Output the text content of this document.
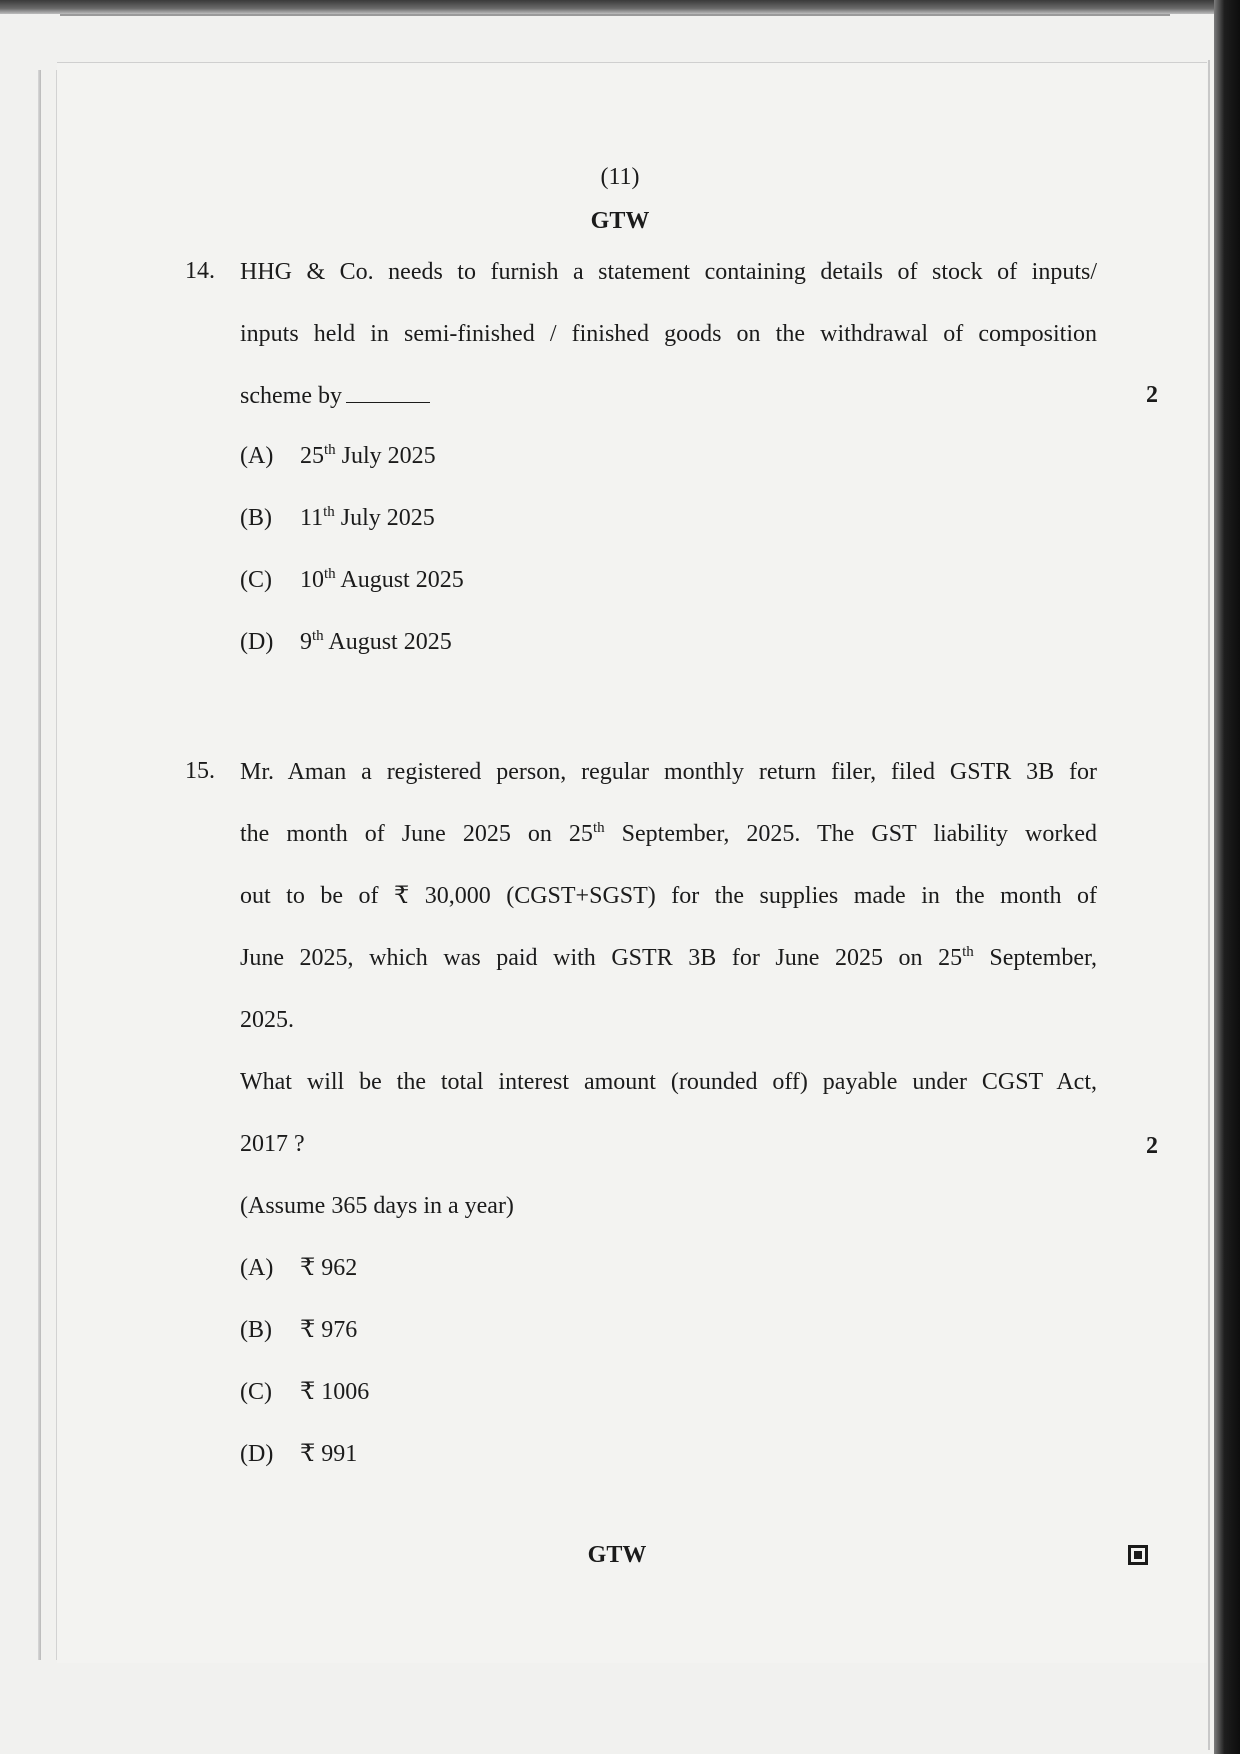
(11)
GTW
14. HHG & Co. needs to furnish a statement containing details of stock of inputs/
inputs held in semi-finished / finished goods on the withdrawal of composition
scheme by
(A) 25th July 2025
(B) 11th July 2025
(C) 10th August 2025
(D) 9th August 2025
2
15. Mr. Aman a registered person, regular monthly return filer, filed GSTR 3B for
the month of June 2025 on 25th September, 2025. The GST liability worked
out to be of ₹ 30,000 (CGST+SGST) for the supplies made in the month of
June 2025, which was paid with GSTR 3B for June 2025 on 25th September,
2025.
What will be the total interest amount (rounded off) payable under CGST Act,
2017 ?
(Assume 365 days in a year)
(A) ₹ 962
(B) ₹ 976
(C) ₹ 1006
(D) ₹ 991
2
GTW
